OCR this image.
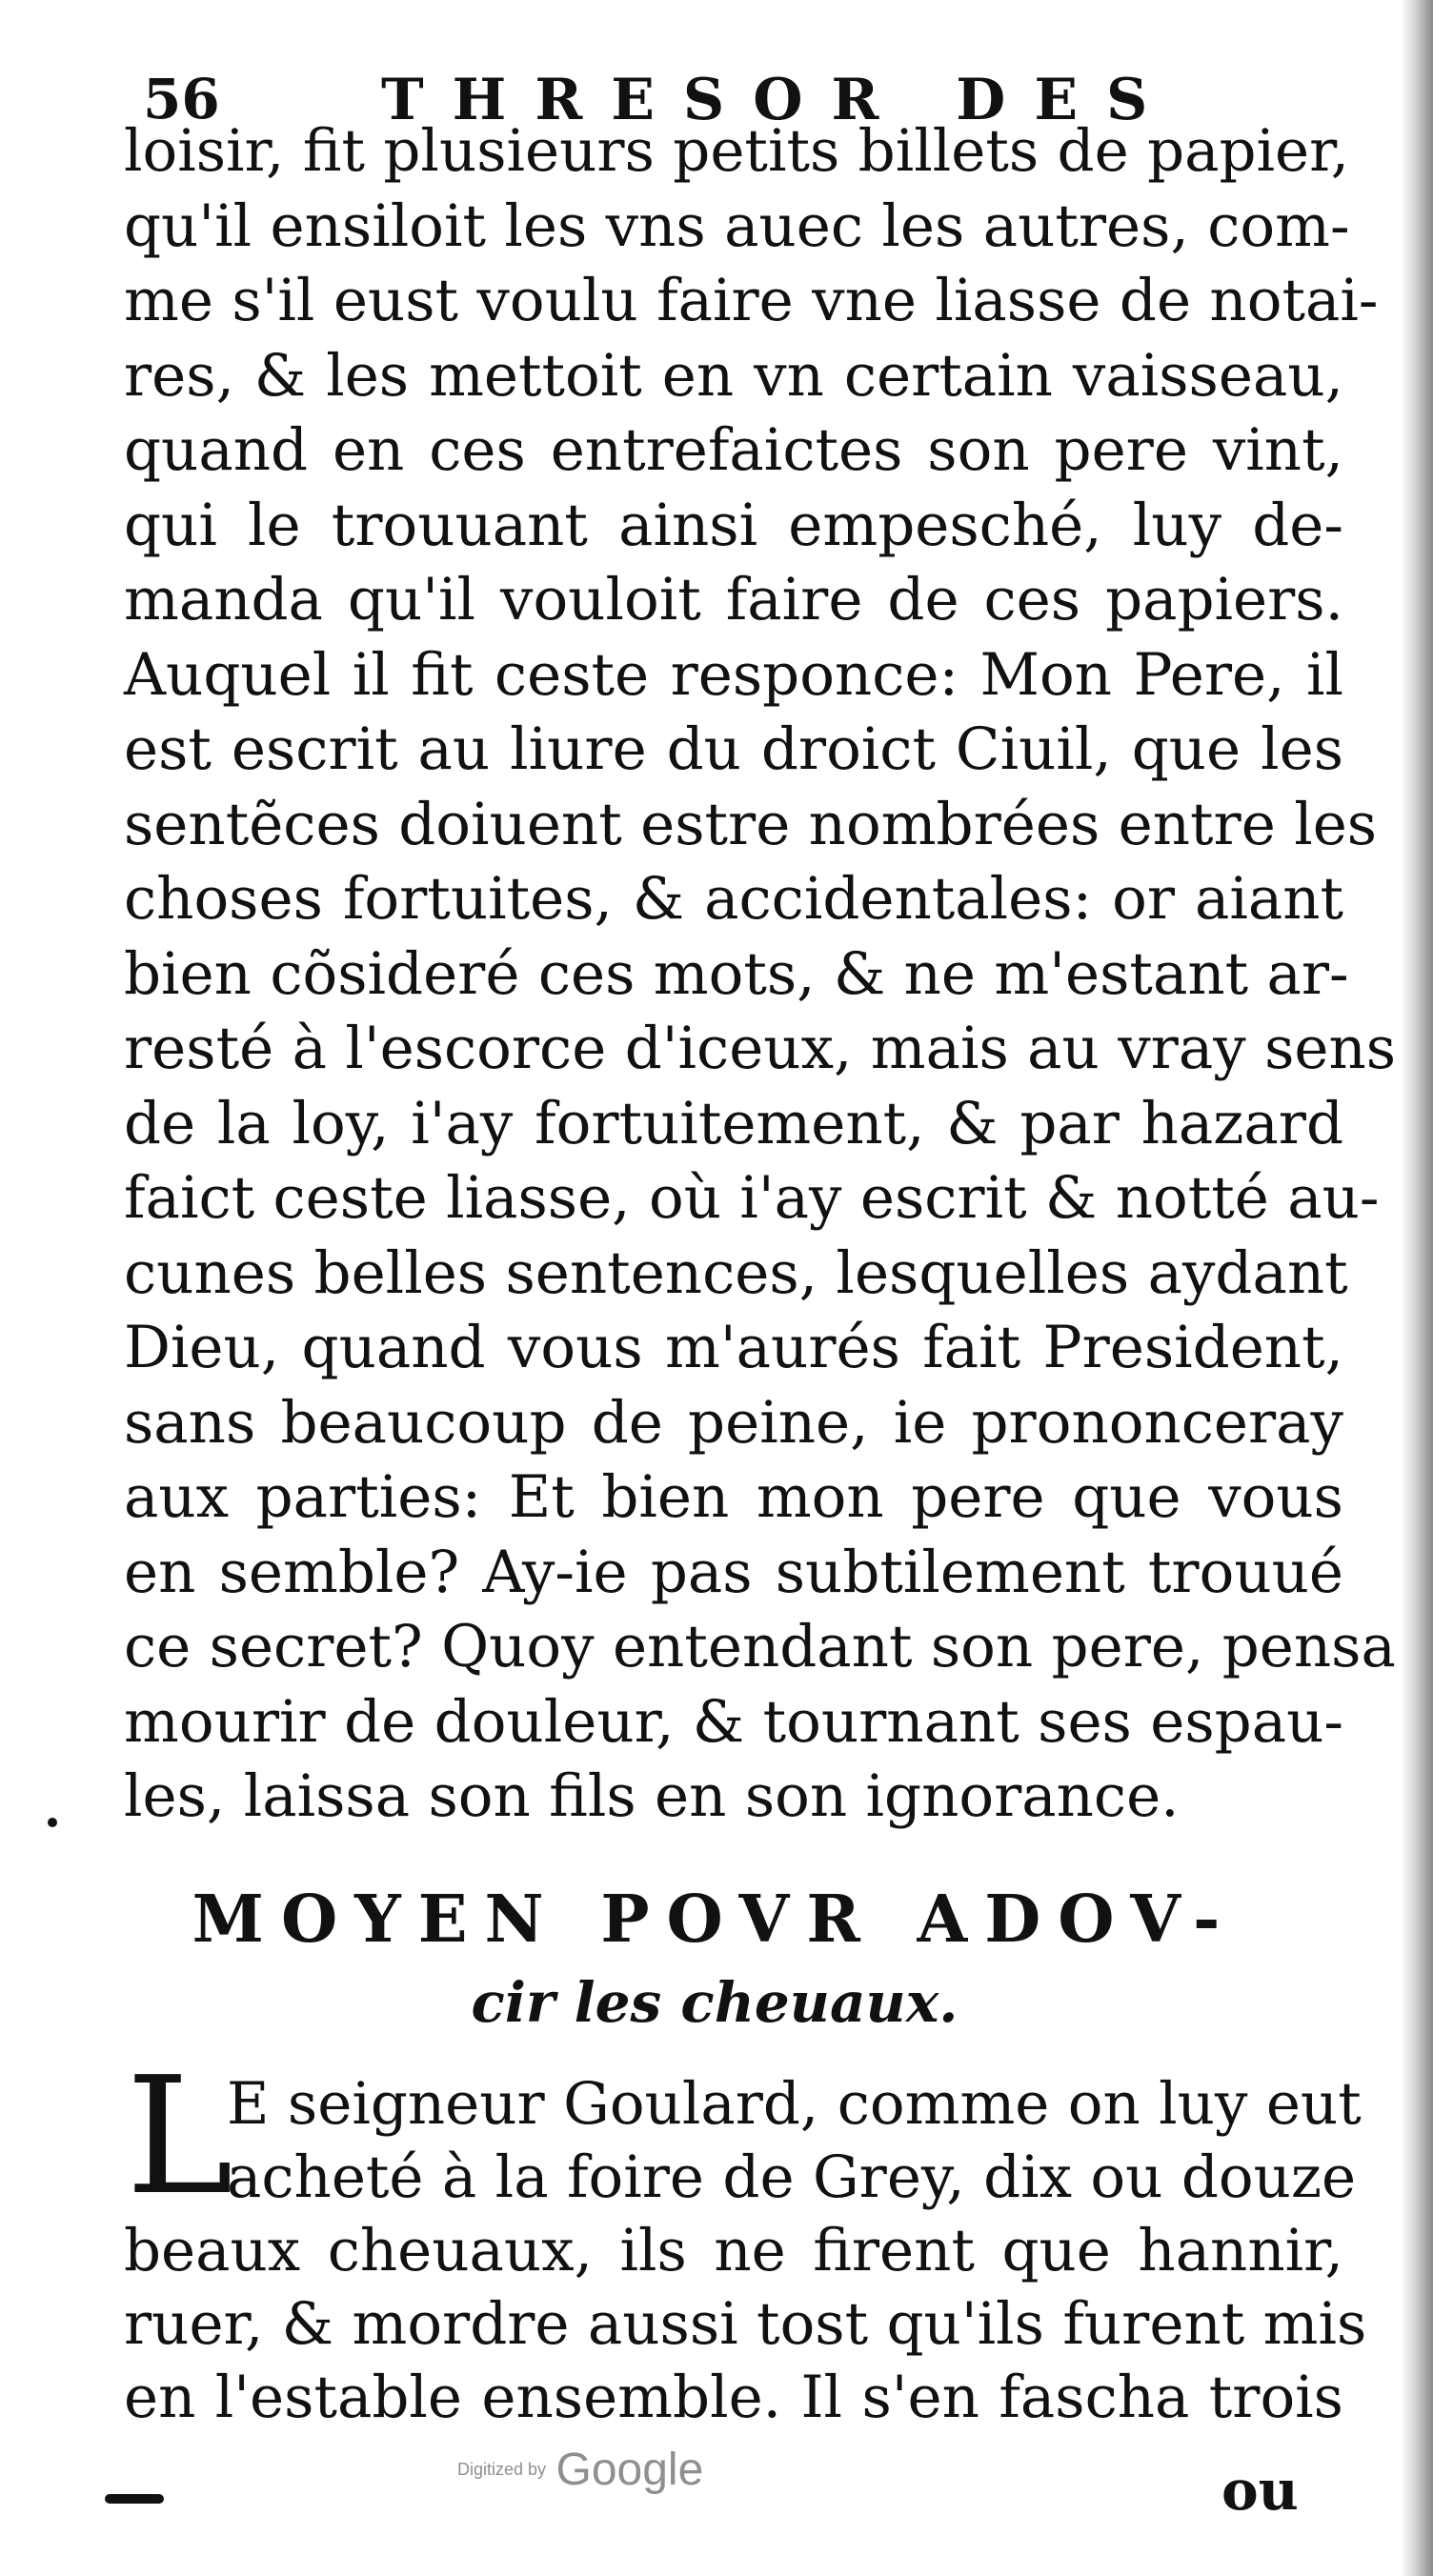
56	THRESOR DES
loisir, fit plusieurs petits billets de papier,
qu'il ensiloit les vns auec les autres, com-
me s'il eust voulu faire vne liasse de notai-
res, & les mettoit en vn certain vaisseau,
quand en ces entrefaictes son pere vint,
qui le trouuant ainsi empesché, luy de-
manda qu'il vouloit faire de ces papiers.
Auquel il fit ceste responce: Mon Pere, il
est escrit au liure du droict Ciuil, que les
sentẽces doiuent estre nombrées entre les
choses fortuites, & accidentales: or aiant
bien cõsideré ces mots, & ne m'estant ar-
resté à l'escorce d'iceux, mais au vray sens
de la loy, i'ay fortuitement, & par hazard
faict ceste liasse, où i'ay escrit & notté au-
cunes belles sentences, lesquelles aydant
Dieu, quand vous m'aurés fait President,
sans beaucoup de peine, ie prononceray
aux parties: Et bien mon pere que vous
en semble? Ay-ie pas subtilement trouué
ce secret? Quoy entendant son pere, pensa
mourir de douleur, & tournant ses espau-
les, laissa son fils en son ignorance.
MOYEN POVR ADOV-
cir les cheuaux.
L
E seigneur Goulard, comme on luy eut
acheté à la foire de Grey, dix ou douze
beaux cheuaux, ils ne firent que hannir,
ruer, & mordre aussi tost qu'ils furent mis
en l'estable ensemble. Il s'en fascha trois
Digitized by Google	ou
